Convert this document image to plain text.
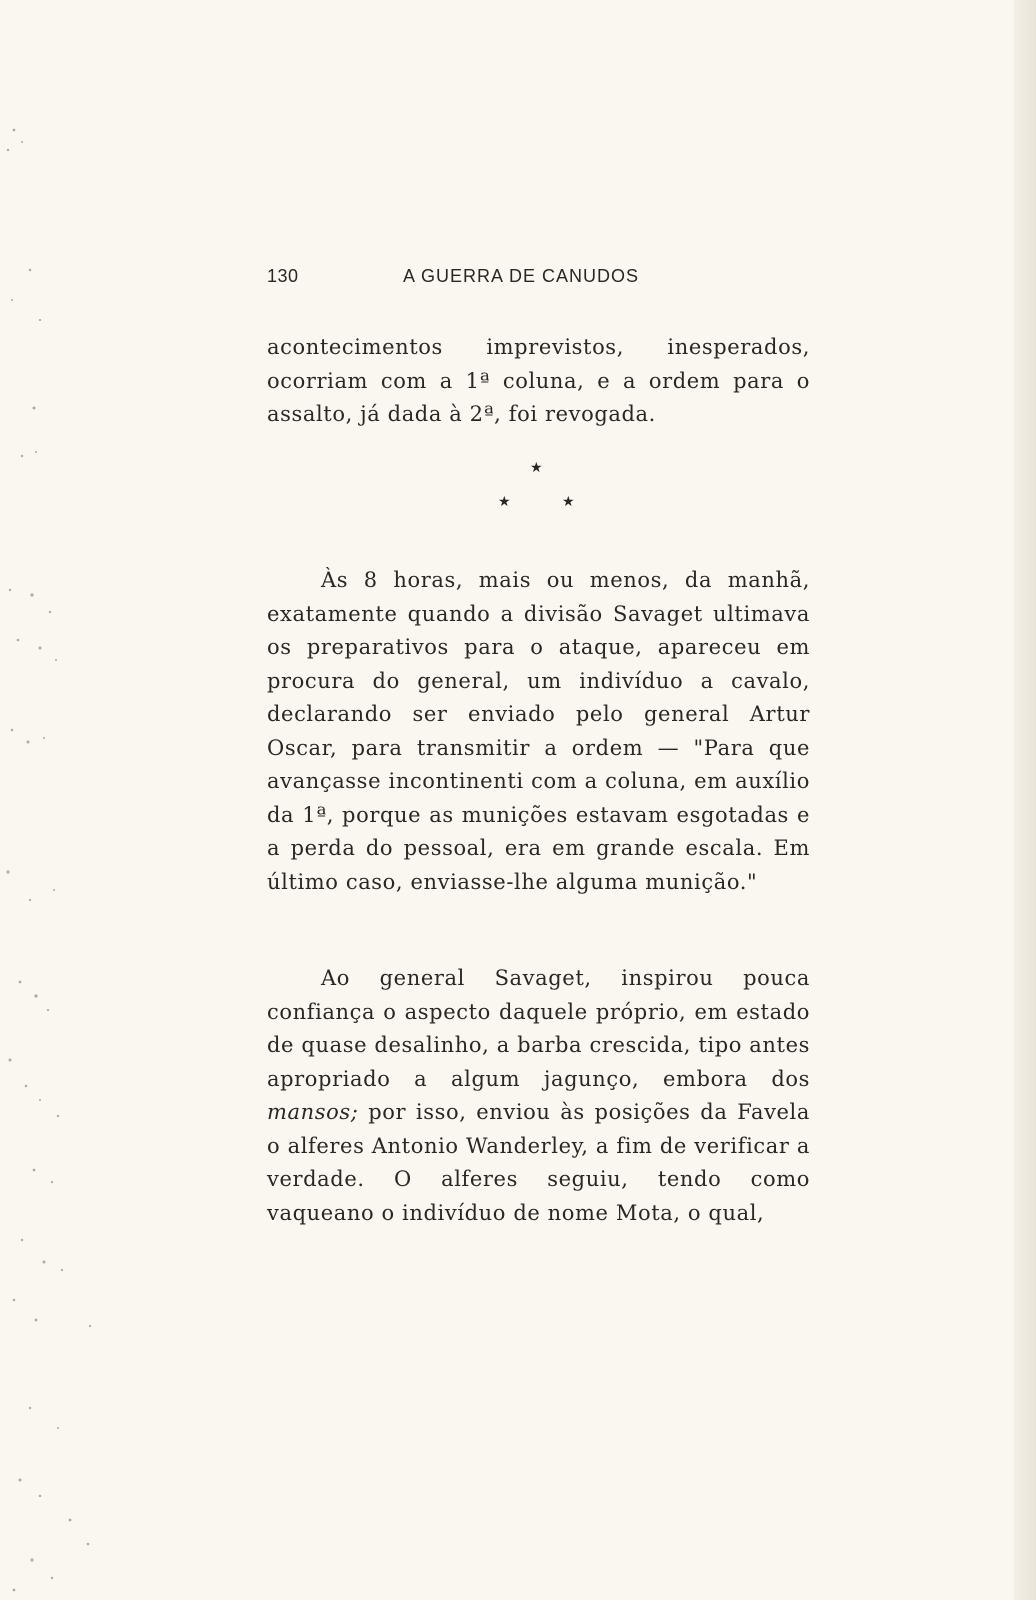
130	A GUERRA DE CANUDOS

acontecimentos imprevistos, inesperados, ocorriam com a 1ª coluna, e a ordem para o assalto, já dada à 2ª, foi revogada.

★
★	★

Às 8 horas, mais ou menos, da manhã, exatamente quando a divisão Savaget ultimava os preparativos para o ataque, apareceu em procura do general, um indivíduo a cavalo, declarando ser enviado pelo general Artur Oscar, para transmitir a ordem — "Para que avançasse incontinenti com a coluna, em auxílio da 1ª, porque as munições estavam esgotadas e a perda do pessoal, era em grande escala. Em último caso, enviasse-lhe alguma munição."

Ao general Savaget, inspirou pouca confiança o aspecto daquele próprio, em estado de quase desalinho, a barba crescida, tipo antes apropriado a algum jagunço, embora dos mansos; por isso, enviou às posições da Favela o alferes Antonio Wanderley, a fim de verificar a verdade. O alferes seguiu, tendo como vaqueano o indivíduo de nome Mota, o qual,
